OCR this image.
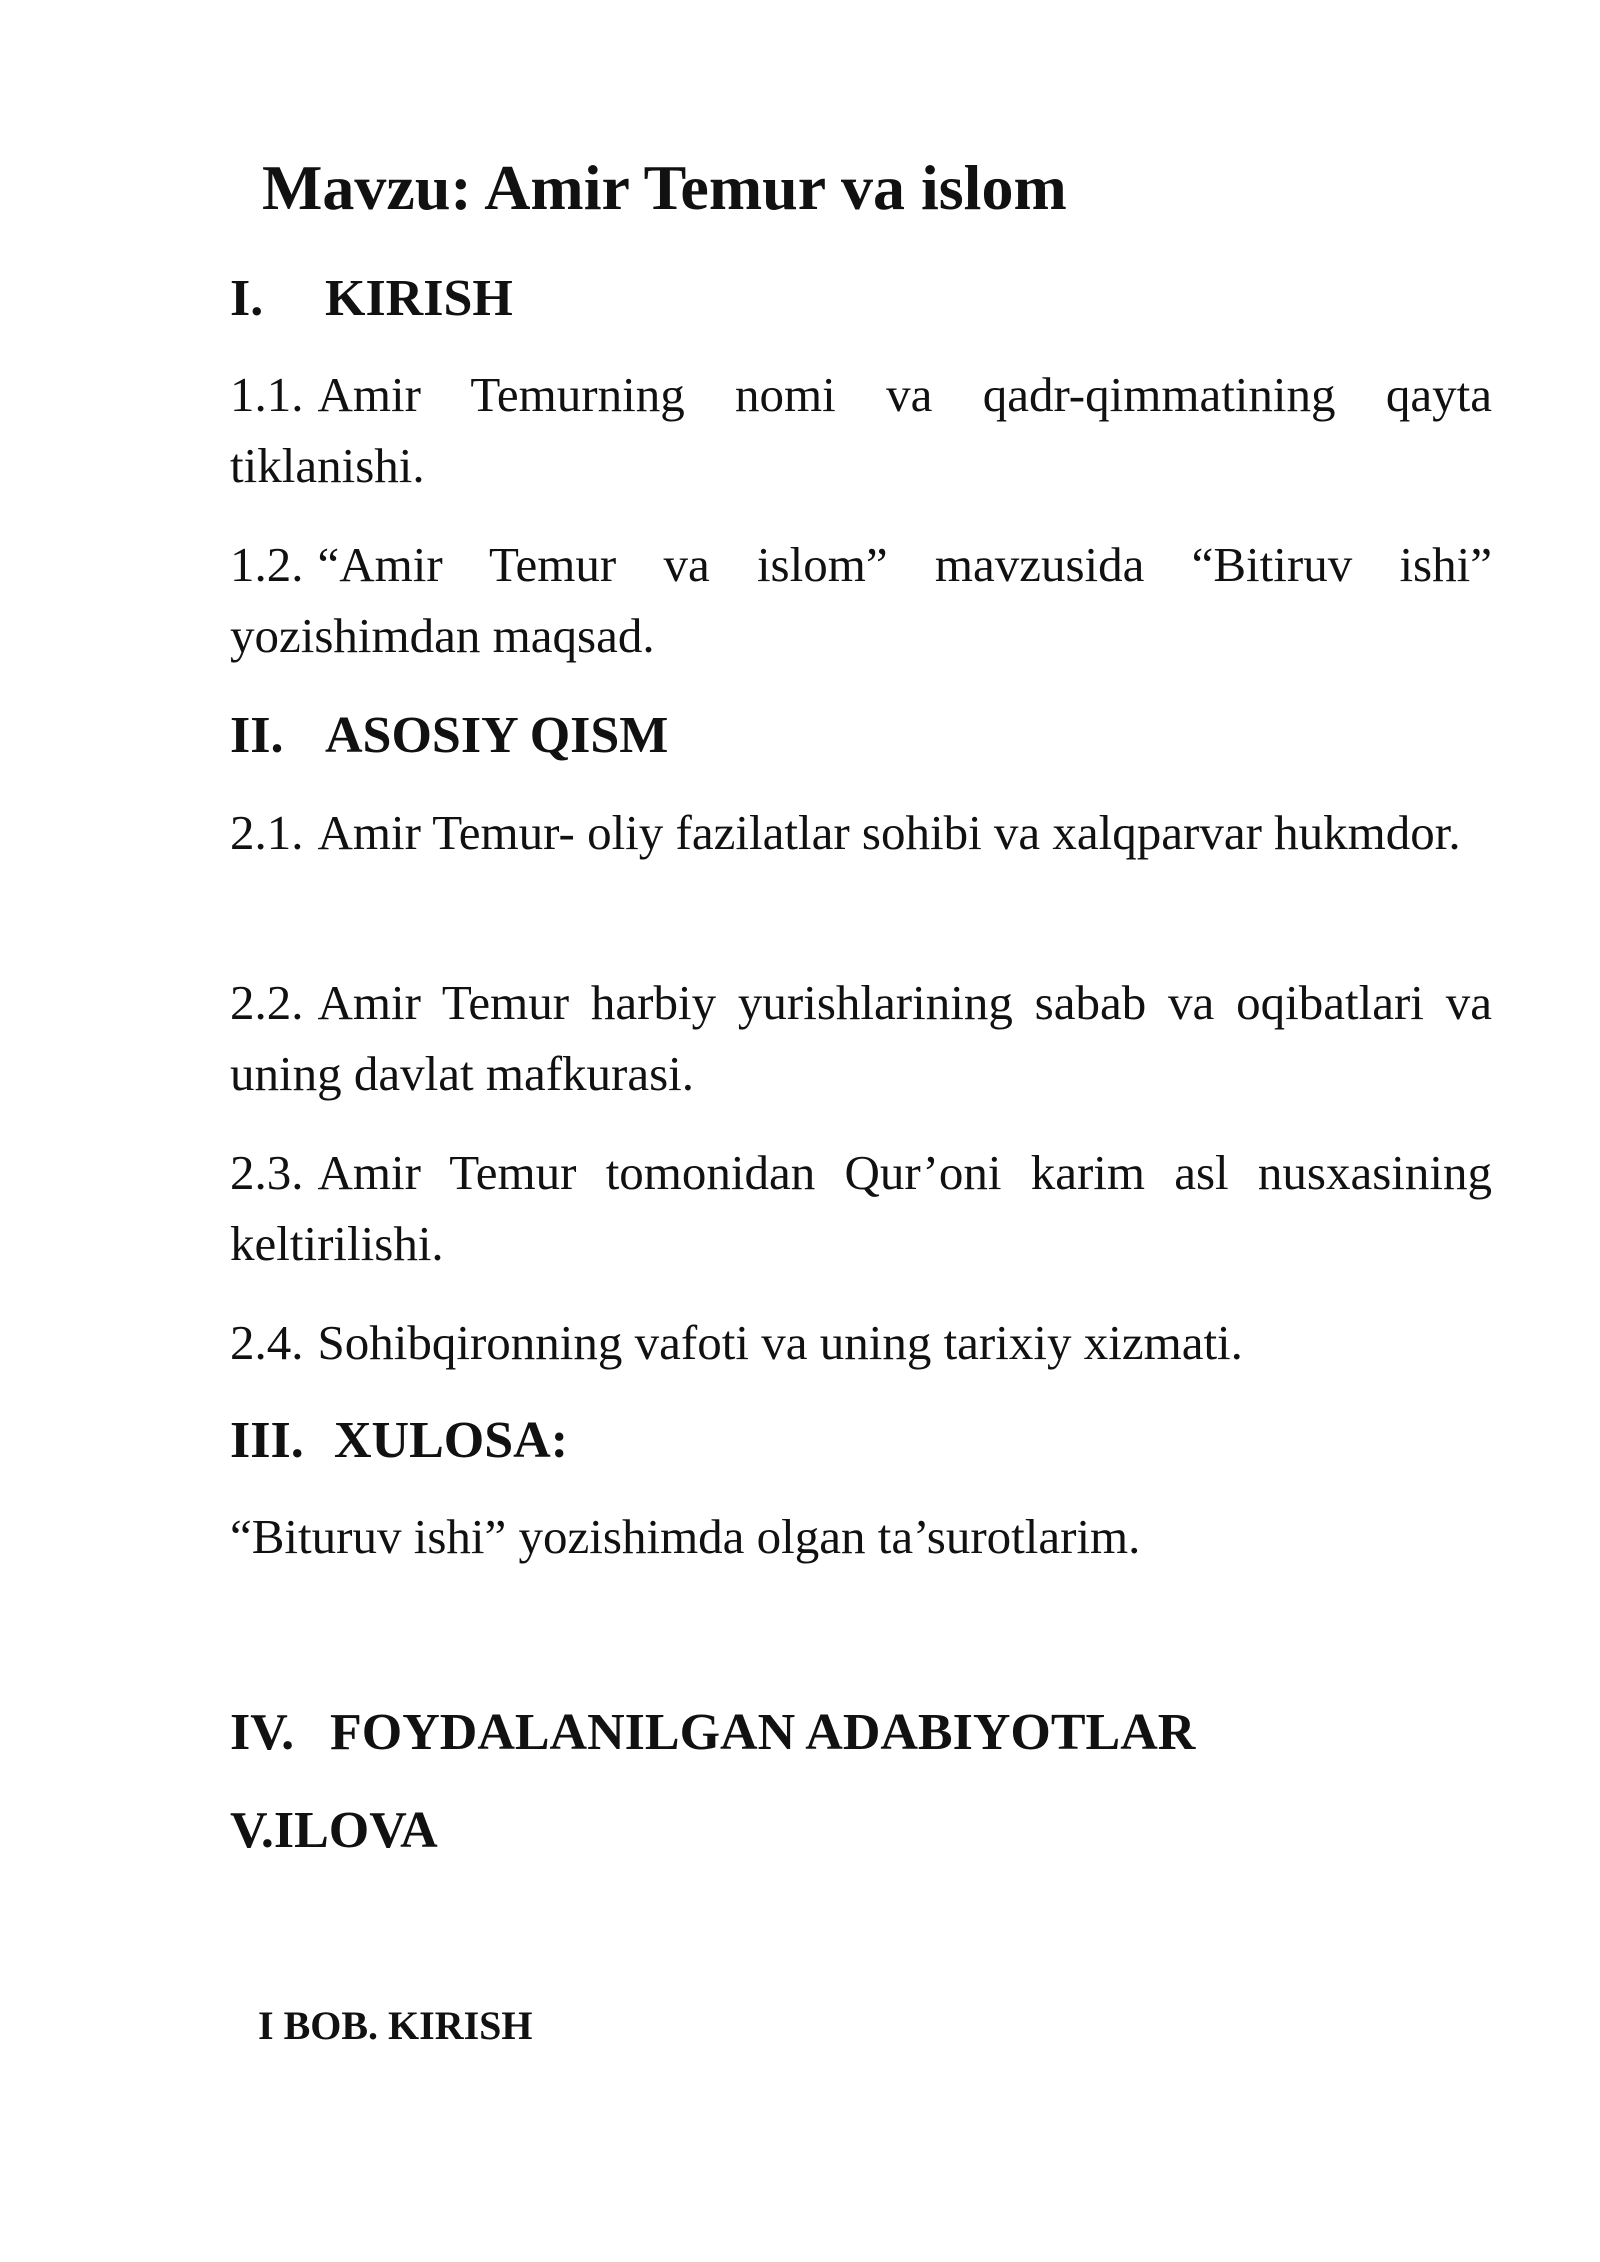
Mavzu: Amir Temur va islom
I. KIRISH
1.1. Amir Temurning nomi va qadr-qimmatining qayta tiklanishi.
1.2. “Amir Temur va islom” mavzusida “Bitiruv ishi” yozishimdan maqsad.
II. ASOSIY QISM
2.1. Amir Temur- oliy fazilatlar sohibi va xalqparvar hukmdor.
2.2. Amir Temur harbiy yurishlarining sabab va oqibatlari va uning davlat mafkurasi.
2.3. Amir Temur tomonidan Qur’oni karim asl nusxasining keltirilishi.
2.4. Sohibqironning vafoti va uning tarixiy xizmati.
III. XULOSA:
“Bituruv ishi” yozishimda olgan ta’surotlarim.
IV. FOYDALANILGAN ADABIYOTLAR
V.ILOVA
I BOB. KIRISH
